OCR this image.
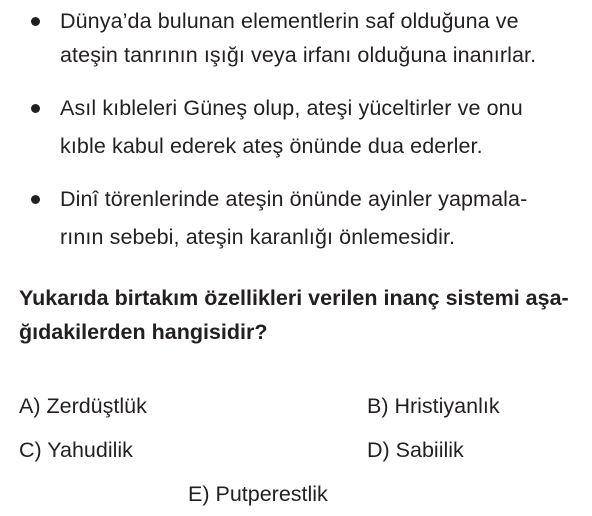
Dünya’da bulunan elementlerin saf olduğuna ve
ateşin tanrının ışığı veya irfanı olduğuna inanırlar.
Asıl kıbleleri Güneş olup, ateşi yüceltirler ve onu
kıble kabul ederek ateş önünde dua ederler.
Dinî törenlerinde ateşin önünde ayinler yapmala-
rının sebebi, ateşin karanlığı önlemesidir.
Yukarıda birtakım özellikleri verilen inanç sistemi aşa-
ğıdakilerden hangisidir?
A) Zerdüştlük	B) Hristiyanlık
C) Yahudilik	D) Sabiilik
E) Putperestlik
